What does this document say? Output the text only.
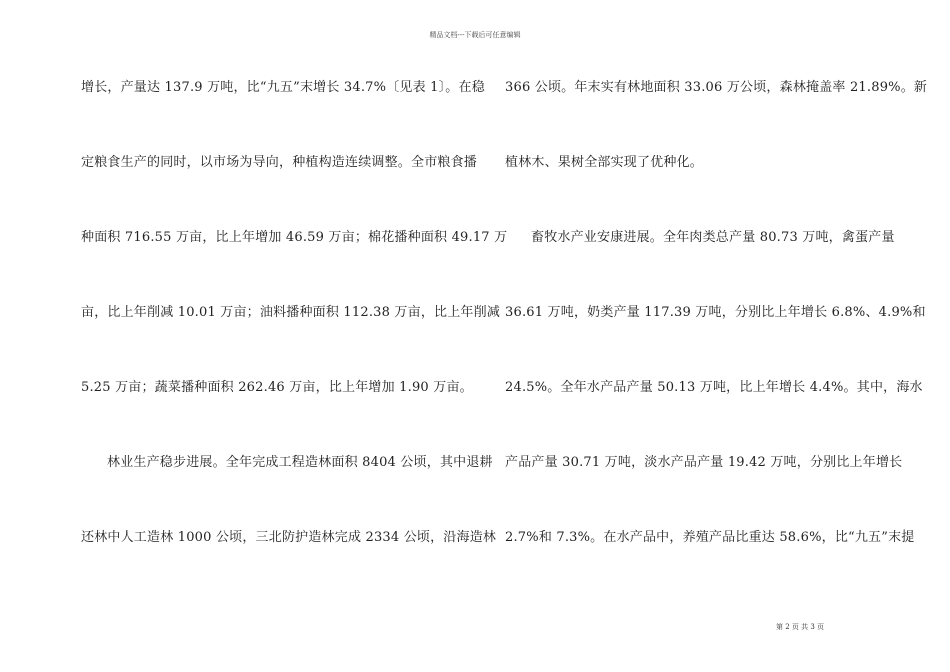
精品文档---下载后可任意编辑
增长，产量达 137.9 万吨，比“九五”末增长 34.7%〔见表 1〕。在稳
定粮食生产的同时，以市场为导向，种植构造连续调整。全市粮食播
种面积 716.55 万亩，比上年增加 46.59 万亩；棉花播种面积 49.17 万
亩，比上年削减 10.01 万亩；油料播种面积 112.38 万亩，比上年削减
5.25 万亩；蔬菜播种面积 262.46 万亩，比上年增加 1.90 万亩。
林业生产稳步进展。全年完成工程造林面积 8404 公顷，其中退耕
还林中人工造林 1000 公顷，三北防护造林完成 2334 公顷，沿海造林
366 公顷。年末实有林地面积 33.06 万公顷，森林掩盖率 21.89%。新
植林木、果树全部实现了优种化。
畜牧水产业安康进展。全年肉类总产量 80.73 万吨，禽蛋产量
36.61 万吨，奶类产量 117.39 万吨，分别比上年增长 6.8%、4.9%和
24.5%。全年水产品产量 50.13 万吨，比上年增长 4.4%。其中，海水
产品产量 30.71 万吨，淡水产品产量 19.42 万吨，分别比上年增长
2.7%和 7.3%。在水产品中，养殖产品比重达 58.6%，比“九五”末提
第 2 页 共 3 页
